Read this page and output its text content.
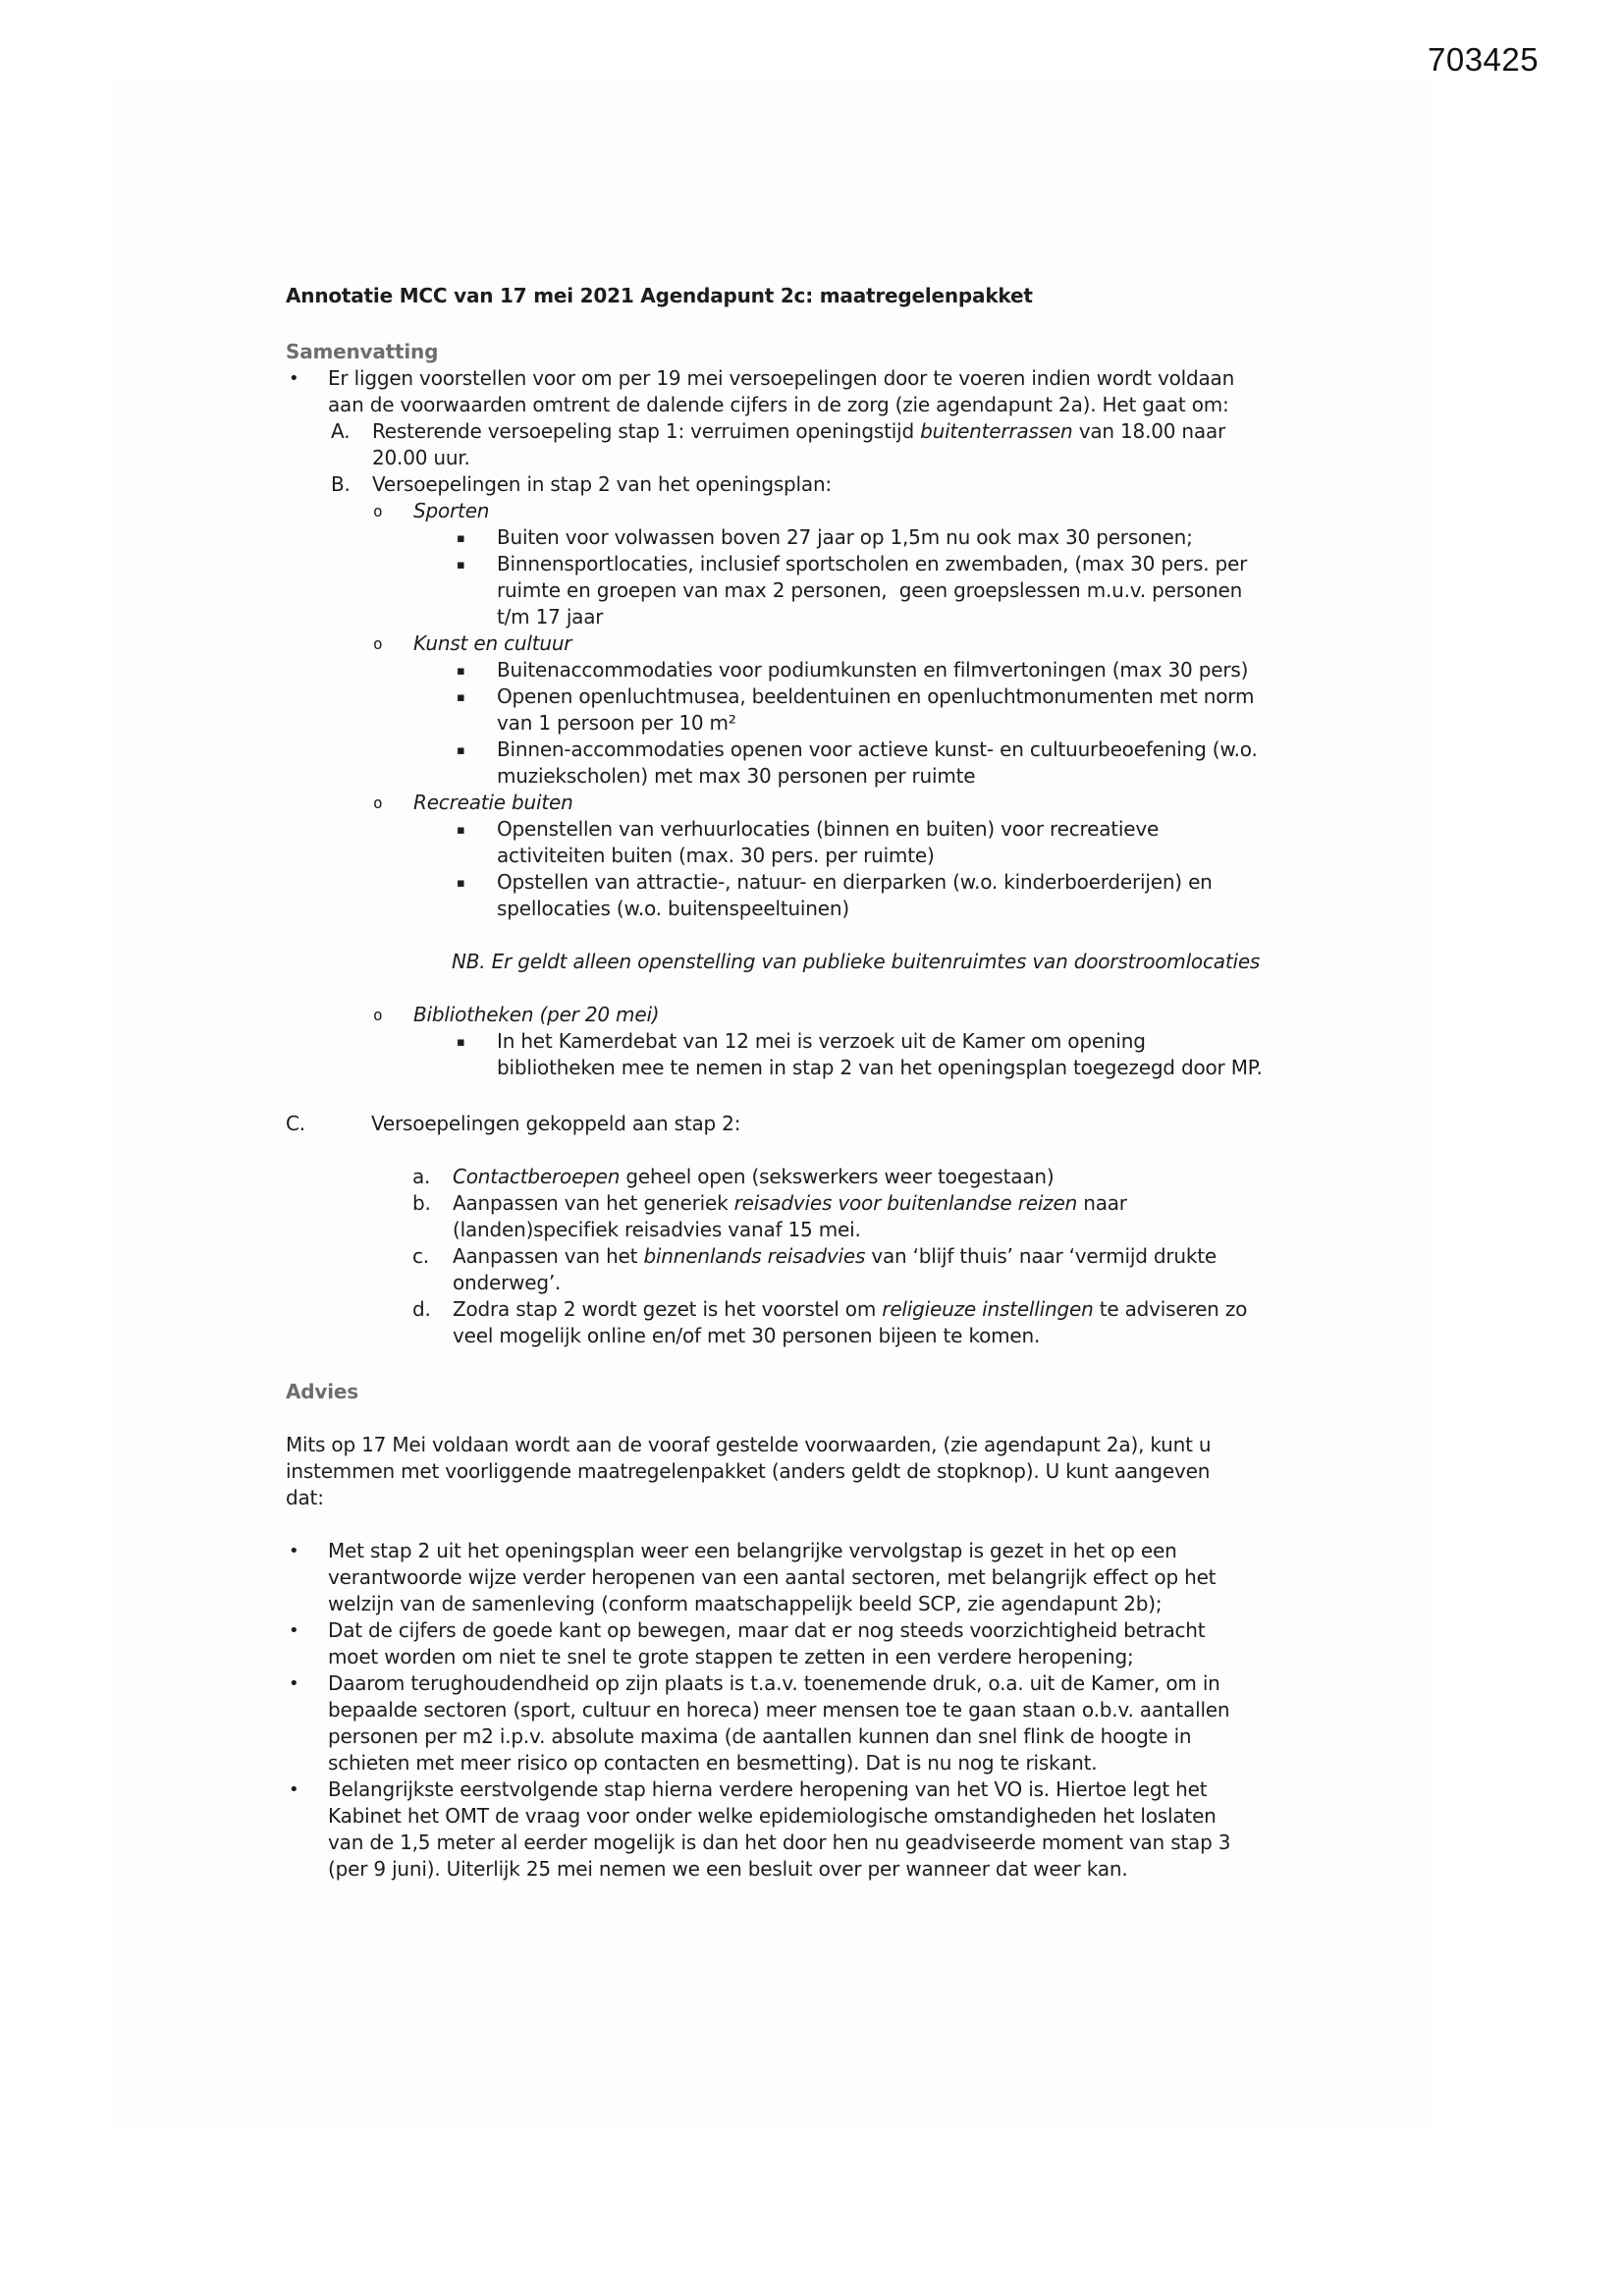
703425
Annotatie MCC van 17 mei 2021 Agendapunt 2c: maatregelenpakket
Samenvatting
• Er liggen voorstellen voor om per 19 mei versoepelingen door te voeren indien wordt voldaan
aan de voorwaarden omtrent de dalende cijfers in de zorg (zie agendapunt 2a). Het gaat om:
A. Resterende versoepeling stap 1: verruimen openingstijd buitenterrassen van 18.00 naar
20.00 uur.
B. Versoepelingen in stap 2 van het openingsplan:
o Sporten
▪ Buiten voor volwassen boven 27 jaar op 1,5m nu ook max 30 personen;
▪ Binnensportlocaties, inclusief sportscholen en zwembaden, (max 30 pers. per
ruimte en groepen van max 2 personen,  geen groepslessen m.u.v. personen
t/m 17 jaar
o Kunst en cultuur
▪ Buitenaccommodaties voor podiumkunsten en filmvertoningen (max 30 pers)
▪ Openen openluchtmusea, beeldentuinen en openluchtmonumenten met norm
van 1 persoon per 10 m²
▪ Binnen-accommodaties openen voor actieve kunst- en cultuurbeoefening (w.o.
muziekscholen) met max 30 personen per ruimte
o Recreatie buiten
▪ Openstellen van verhuurlocaties (binnen en buiten) voor recreatieve
activiteiten buiten (max. 30 pers. per ruimte)
▪ Opstellen van attractie-, natuur- en dierparken (w.o. kinderboerderijen) en
spellocaties (w.o. buitenspeeltuinen)
NB. Er geldt alleen openstelling van publieke buitenruimtes van doorstroomlocaties
o Bibliotheken (per 20 mei)
▪ In het Kamerdebat van 12 mei is verzoek uit de Kamer om opening
bibliotheken mee te nemen in stap 2 van het openingsplan toegezegd door MP.
C.	Versoepelingen gekoppeld aan stap 2:
a. Contactberoepen geheel open (sekswerkers weer toegestaan)
b. Aanpassen van het generiek reisadvies voor buitenlandse reizen naar
(landen)specifiek reisadvies vanaf 15 mei.
c. Aanpassen van het binnenlands reisadvies van ‘blijf thuis’ naar ‘vermijd drukte
onderweg’.
d. Zodra stap 2 wordt gezet is het voorstel om religieuze instellingen te adviseren zo
veel mogelijk online en/of met 30 personen bijeen te komen.
Advies
Mits op 17 Mei voldaan wordt aan de vooraf gestelde voorwaarden, (zie agendapunt 2a), kunt u
instemmen met voorliggende maatregelenpakket (anders geldt de stopknop). U kunt aangeven
dat:
• Met stap 2 uit het openingsplan weer een belangrijke vervolgstap is gezet in het op een
verantwoorde wijze verder heropenen van een aantal sectoren, met belangrijk effect op het
welzijn van de samenleving (conform maatschappelijk beeld SCP, zie agendapunt 2b);
• Dat de cijfers de goede kant op bewegen, maar dat er nog steeds voorzichtigheid betracht
moet worden om niet te snel te grote stappen te zetten in een verdere heropening;
• Daarom terughoudendheid op zijn plaats is t.a.v. toenemende druk, o.a. uit de Kamer, om in
bepaalde sectoren (sport, cultuur en horeca) meer mensen toe te gaan staan o.b.v. aantallen
personen per m2 i.p.v. absolute maxima (de aantallen kunnen dan snel flink de hoogte in
schieten met meer risico op contacten en besmetting). Dat is nu nog te riskant.
• Belangrijkste eerstvolgende stap hierna verdere heropening van het VO is. Hiertoe legt het
Kabinet het OMT de vraag voor onder welke epidemiologische omstandigheden het loslaten
van de 1,5 meter al eerder mogelijk is dan het door hen nu geadviseerde moment van stap 3
(per 9 juni). Uiterlijk 25 mei nemen we een besluit over per wanneer dat weer kan.
